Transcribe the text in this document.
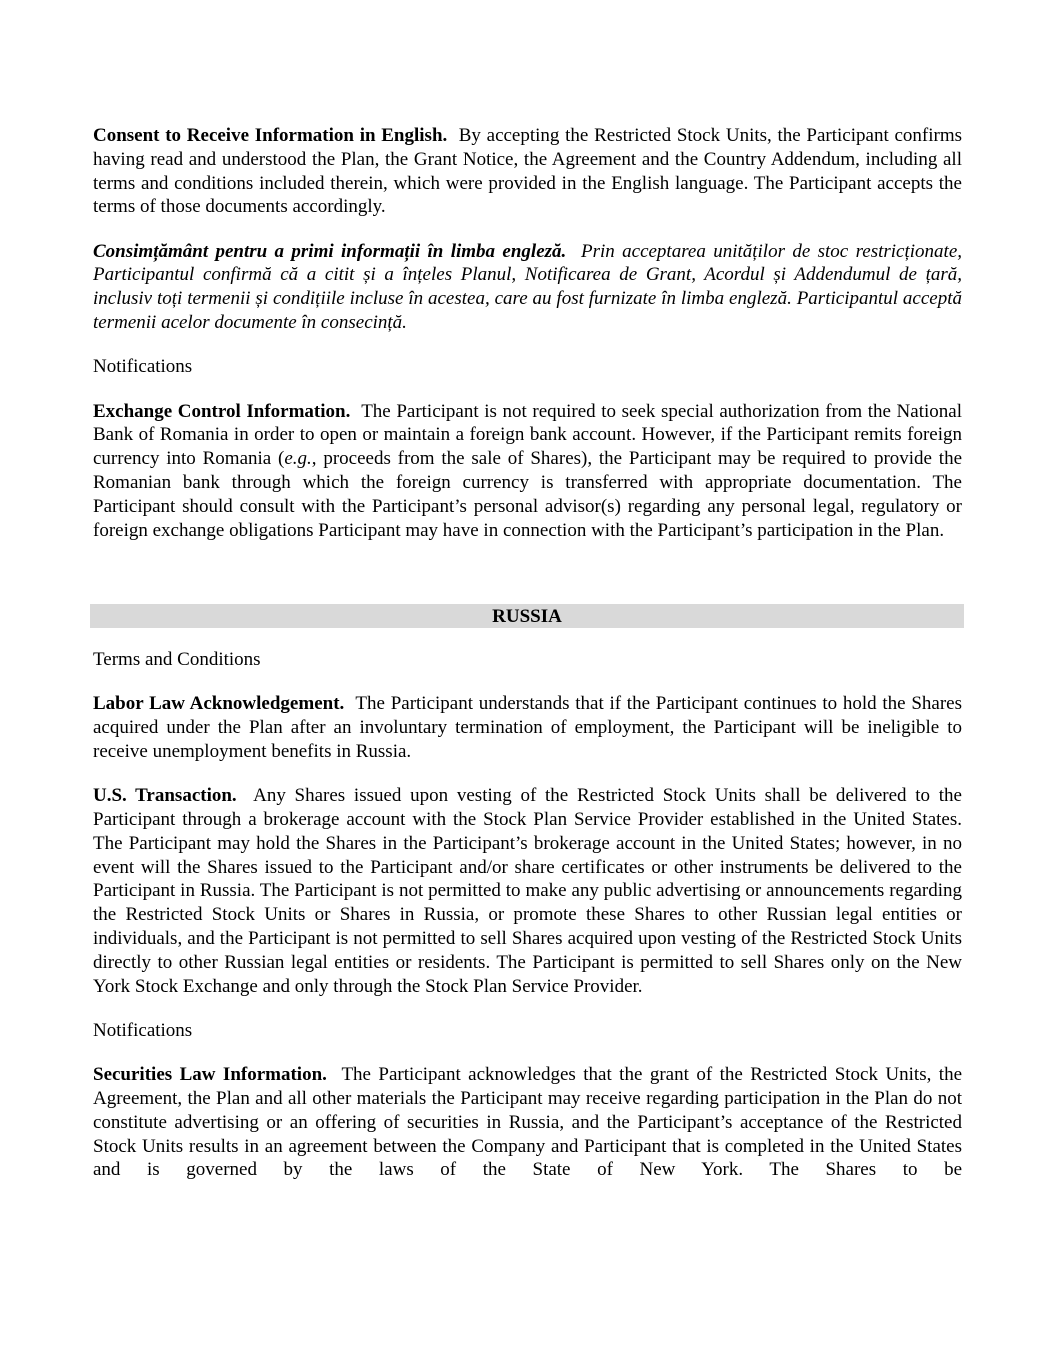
Consent to Receive Information in English. By accepting the Restricted Stock Units, the Participant confirms having read and understood the Plan, the Grant Notice, the Agreement and the Country Addendum, including all terms and conditions included therein, which were provided in the English language. The Participant accepts the terms of those documents accordingly.

Consimțământ pentru a primi informații în limba engleză. Prin acceptarea unităților de stoc restricționate, Participantul confirmă că a citit și a înțeles Planul, Notificarea de Grant, Acordul și Addendumul de țară, inclusiv toți termenii și condițiile incluse în acestea, care au fost furnizate în limba engleză. Participantul acceptă termenii acelor documente în consecință.

Notifications

Exchange Control Information. The Participant is not required to seek special authorization from the National Bank of Romania in order to open or maintain a foreign bank account. However, if the Participant remits foreign currency into Romania (e.g., proceeds from the sale of Shares), the Participant may be required to provide the Romanian bank through which the foreign currency is transferred with appropriate documentation. The Participant should consult with the Participant’s personal advisor(s) regarding any personal legal, regulatory or foreign exchange obligations Participant may have in connection with the Participant’s participation in the Plan.

RUSSIA

Terms and Conditions

Labor Law Acknowledgement. The Participant understands that if the Participant continues to hold the Shares acquired under the Plan after an involuntary termination of employment, the Participant will be ineligible to receive unemployment benefits in Russia.

U.S. Transaction. Any Shares issued upon vesting of the Restricted Stock Units shall be delivered to the Participant through a brokerage account with the Stock Plan Service Provider established in the United States. The Participant may hold the Shares in the Participant’s brokerage account in the United States; however, in no event will the Shares issued to the Participant and/or share certificates or other instruments be delivered to the Participant in Russia. The Participant is not permitted to make any public advertising or announcements regarding the Restricted Stock Units or Shares in Russia, or promote these Shares to other Russian legal entities or individuals, and the Participant is not permitted to sell Shares acquired upon vesting of the Restricted Stock Units directly to other Russian legal entities or residents. The Participant is permitted to sell Shares only on the New York Stock Exchange and only through the Stock Plan Service Provider.

Notifications

Securities Law Information. The Participant acknowledges that the grant of the Restricted Stock Units, the Agreement, the Plan and all other materials the Participant may receive regarding participation in the Plan do not constitute advertising or an offering of securities in Russia, and the Participant’s acceptance of the Restricted Stock Units results in an agreement between the Company and Participant that is completed in the United States and is governed by the laws of the State of New York. The Shares to be
